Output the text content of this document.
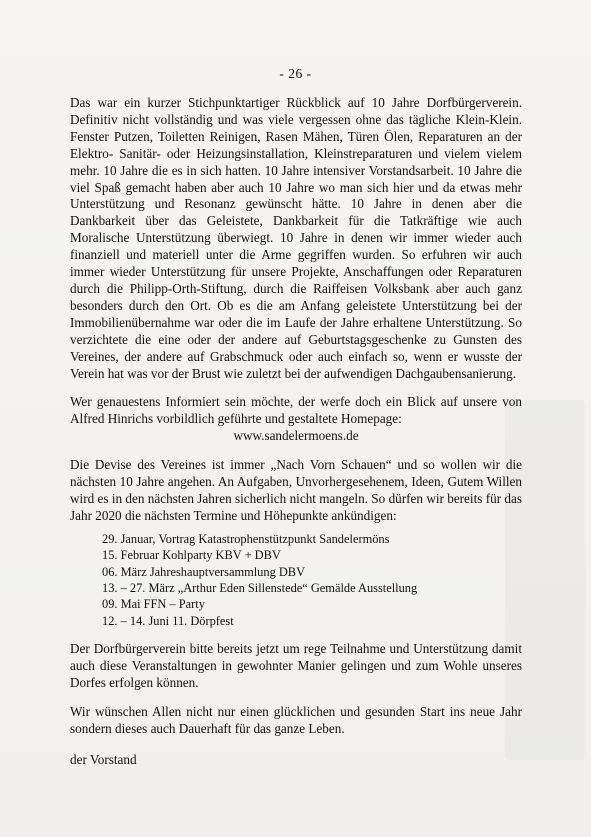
- 26 -

Das war ein kurzer Stichpunktartiger Rückblick auf 10 Jahre Dorfbürgerverein. Definitiv nicht vollständig und was viele vergessen ohne das tägliche Klein-Klein. Fenster Putzen, Toiletten Reinigen, Rasen Mähen, Türen Ölen, Reparaturen an der Elektro- Sanitär- oder Heizungsinstallation, Kleinstreparaturen und vielem vielem mehr. 10 Jahre die es in sich hatten. 10 Jahre intensiver Vorstandsarbeit. 10 Jahre die viel Spaß gemacht haben aber auch 10 Jahre wo man sich hier und da etwas mehr Unterstützung und Resonanz gewünscht hätte. 10 Jahre in denen aber die Dankbarkeit über das Geleistete, Dankbarkeit für die Tatkräftige wie auch Moralische Unterstützung überwiegt. 10 Jahre in denen wir immer wieder auch finanziell und materiell unter die Arme gegriffen wurden. So erfuhren wir auch immer wieder Unterstützung für unsere Projekte, Anschaffungen oder Reparaturen durch die Philipp-Orth-Stiftung, durch die Raiffeisen Volksbank aber auch ganz besonders durch den Ort. Ob es die am Anfang geleistete Unterstützung bei der Immobilienübernahme war oder die im Laufe der Jahre erhaltene Unterstützung. So verzichtete die eine oder der andere auf Geburtstagsgeschenke zu Gunsten des Vereines, der andere auf Grabschmuck oder auch einfach so, wenn er wusste der Verein hat was vor der Brust wie zuletzt bei der aufwendigen Dachgaubensanierung.

Wer genauestens Informiert sein möchte, der werfe doch ein Blick auf unsere von Alfred Hinrichs vorbildlich geführte und gestaltete Homepage:

www.sandelermoens.de

Die Devise des Vereines ist immer „Nach Vorn Schauen“ und so wollen wir die nächsten 10 Jahre angehen. An Aufgaben, Unvorhergesehenem, Ideen, Gutem Willen wird es in den nächsten Jahren sicherlich nicht mangeln. So dürfen wir bereits für das Jahr 2020 die nächsten Termine und Höhepunkte ankündigen:

29. Januar, Vortrag Katastrophenstützpunkt Sandelermöns
15. Februar Kohlparty KBV + DBV
06. März Jahreshauptversammlung DBV
13. – 27. März „Arthur Eden Sillenstede“ Gemälde Ausstellung
09. Mai FFN – Party
12. – 14. Juni 11. Dörpfest

Der Dorfbürgerverein bitte bereits jetzt um rege Teilnahme und Unterstützung damit auch diese Veranstaltungen in gewohnter Manier gelingen und zum Wohle unseres Dorfes erfolgen können.

Wir wünschen Allen nicht nur einen glücklichen und gesunden Start ins neue Jahr sondern dieses auch Dauerhaft für das ganze Leben.

der Vorstand
